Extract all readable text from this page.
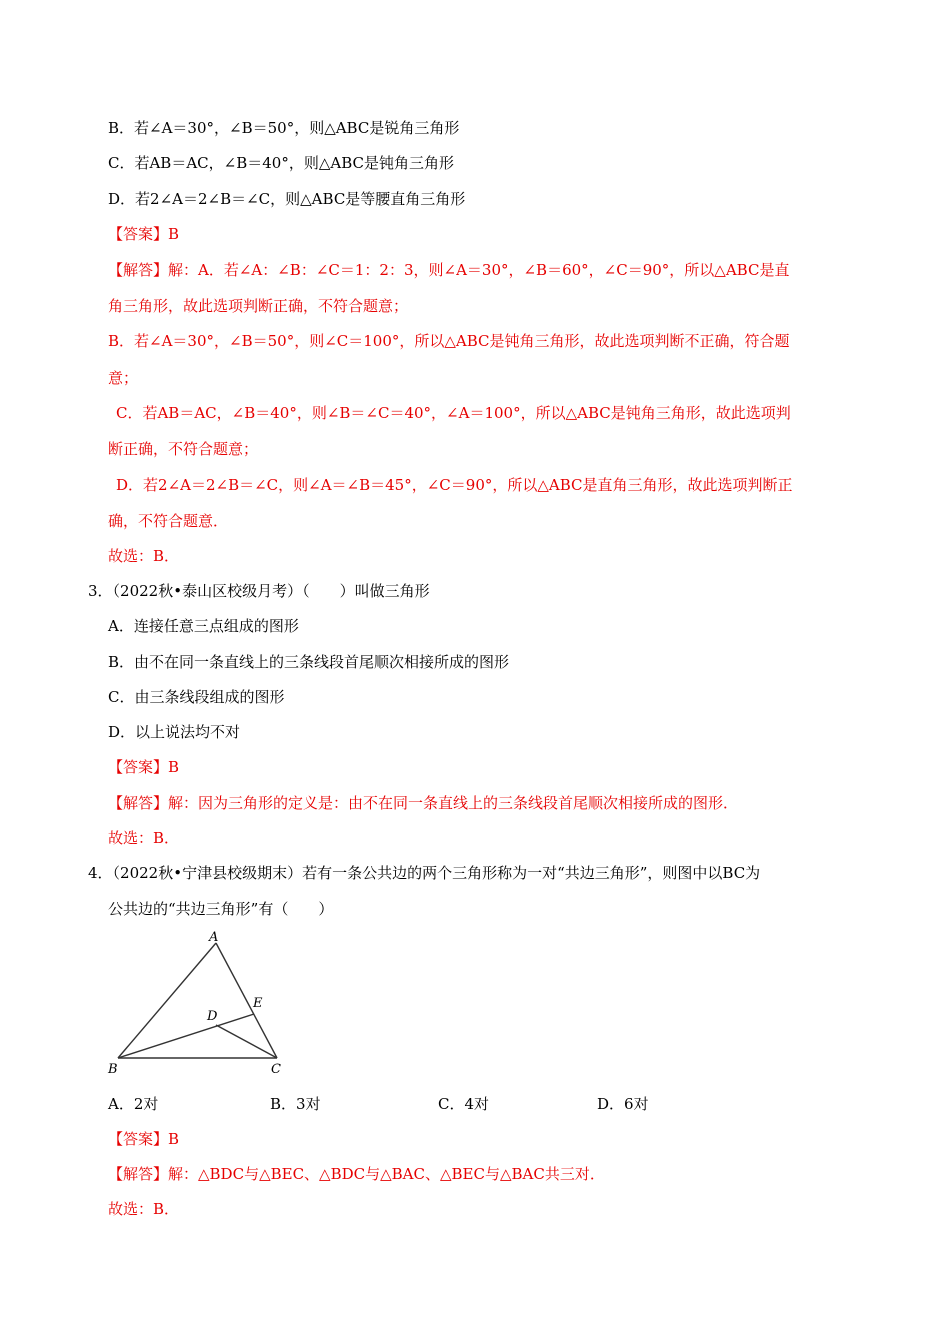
B．若∠A＝30°，∠B＝50°，则△ABC是锐角三角形
C．若AB＝AC，∠B＝40°，则△ABC是钝角三角形
D．若2∠A＝2∠B＝∠C，则△ABC是等腰直角三角形
【答案】B
【解答】解：A．若∠A：∠B：∠C＝1：2：3，则∠A＝30°，∠B＝60°，∠C＝90°，所以△ABC是直
角三角形，故此选项判断正确，不符合题意；
B．若∠A＝30°，∠B＝50°，则∠C＝100°，所以△ABC是钝角三角形，故此选项判断不正确，符合题
意；
C．若AB＝AC，∠B＝40°，则∠B＝∠C＝40°，∠A＝100°，所以△ABC是钝角三角形，故此选项判
断正确，不符合题意；
D．若2∠A＝2∠B＝∠C，则∠A＝∠B＝45°，∠C＝90°，所以△ABC是直角三角形，故此选项判断正
确，不符合题意．
故选：B．
3．（2022秋•泰山区校级月考）（　　）叫做三角形
A．连接任意三点组成的图形
B．由不在同一条直线上的三条线段首尾顺次相接所成的图形
C．由三条线段组成的图形
D．以上说法均不对
【答案】B
【解答】解：因为三角形的定义是：由不在同一条直线上的三条线段首尾顺次相接所成的图形．
故选：B．
4．（2022秋•宁津县校级期末）若有一条公共边的两个三角形称为一对“共边三角形”，则图中以BC为
公共边的“共边三角形”有（　　）
A
B	C
D
E
A．2对	B．3对	C．4对	D．6对
【答案】B
【解答】解：△BDC与△BEC、△BDC与△BAC、△BEC与△BAC共三对．
故选：B．
